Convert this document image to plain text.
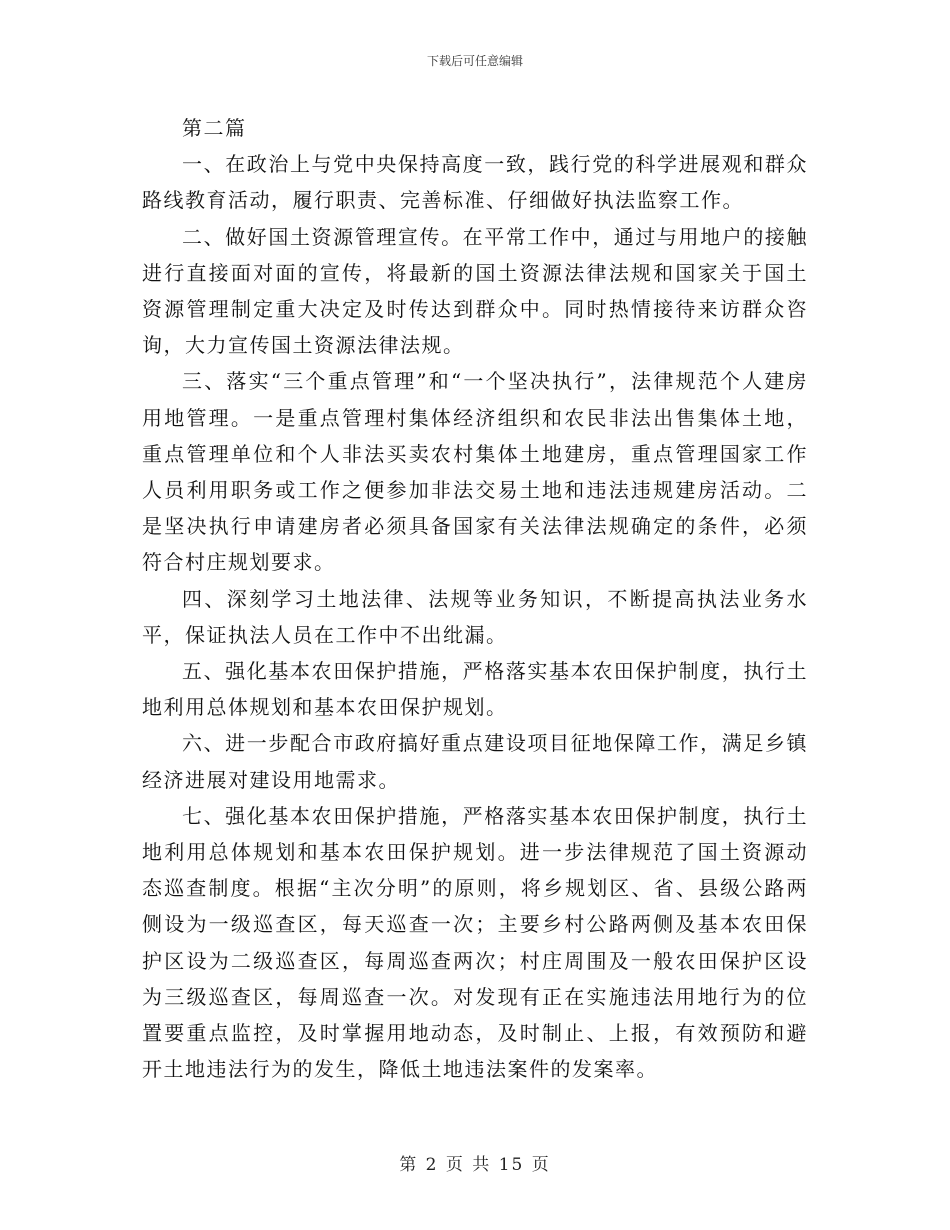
下载后可任意编辑

第二篇

一、在政治上与党中央保持高度一致，践行党的科学进展观和群众路线教育活动，履行职责、完善标准、仔细做好执法监察工作。

二、做好国土资源管理宣传。在平常工作中，通过与用地户的接触进行直接面对面的宣传，将最新的国土资源法律法规和国家关于国土资源管理制定重大决定及时传达到群众中。同时热情接待来访群众咨询，大力宣传国土资源法律法规。

三、落实“三个重点管理”和“一个坚决执行”，法律规范个人建房用地管理。一是重点管理村集体经济组织和农民非法出售集体土地，重点管理单位和个人非法买卖农村集体土地建房，重点管理国家工作人员利用职务或工作之便参加非法交易土地和违法违规建房活动。二是坚决执行申请建房者必须具备国家有关法律法规确定的条件，必须符合村庄规划要求。

四、深刻学习土地法律、法规等业务知识，不断提高执法业务水平，保证执法人员在工作中不出纰漏。

五、强化基本农田保护措施，严格落实基本农田保护制度，执行土地利用总体规划和基本农田保护规划。

六、进一步配合市政府搞好重点建设项目征地保障工作，满足乡镇经济进展对建设用地需求。

七、强化基本农田保护措施，严格落实基本农田保护制度，执行土地利用总体规划和基本农田保护规划。进一步法律规范了国土资源动态巡查制度。根据“主次分明”的原则，将乡规划区、省、县级公路两侧设为一级巡查区，每天巡查一次；主要乡村公路两侧及基本农田保护区设为二级巡查区，每周巡查两次；村庄周围及一般农田保护区设为三级巡查区，每周巡查一次。对发现有正在实施违法用地行为的位置要重点监控，及时掌握用地动态，及时制止、上报，有效预防和避开土地违法行为的发生，降低土地违法案件的发案率。

第 2 页 共 15 页
